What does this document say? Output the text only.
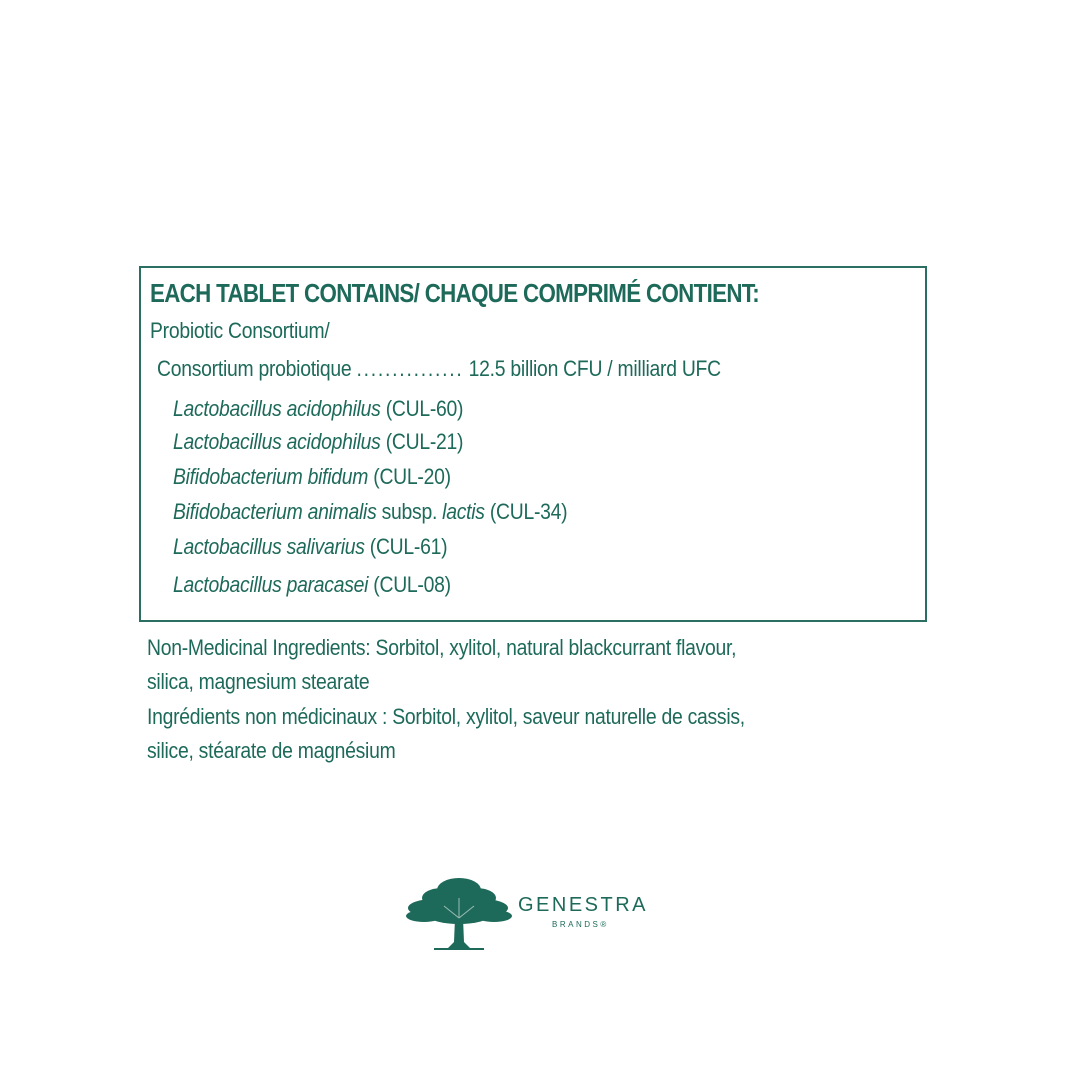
EACH TABLET CONTAINS/ CHAQUE COMPRIMÉ CONTIENT:
Probiotic Consortium/
Consortium probiotique ............... 12.5 billion CFU / milliard UFC
Lactobacillus acidophilus (CUL-60)
Lactobacillus acidophilus (CUL-21)
Bifidobacterium bifidum (CUL-20)
Bifidobacterium animalis subsp. lactis (CUL-34)
Lactobacillus salivarius (CUL-61)
Lactobacillus paracasei (CUL-08)
Non-Medicinal Ingredients: Sorbitol, xylitol, natural blackcurrant flavour,
silica, magnesium stearate
Ingrédients non médicinaux : Sorbitol, xylitol, saveur naturelle de cassis,
silice, stéarate de magnésium
GENESTRA
BRANDS®
